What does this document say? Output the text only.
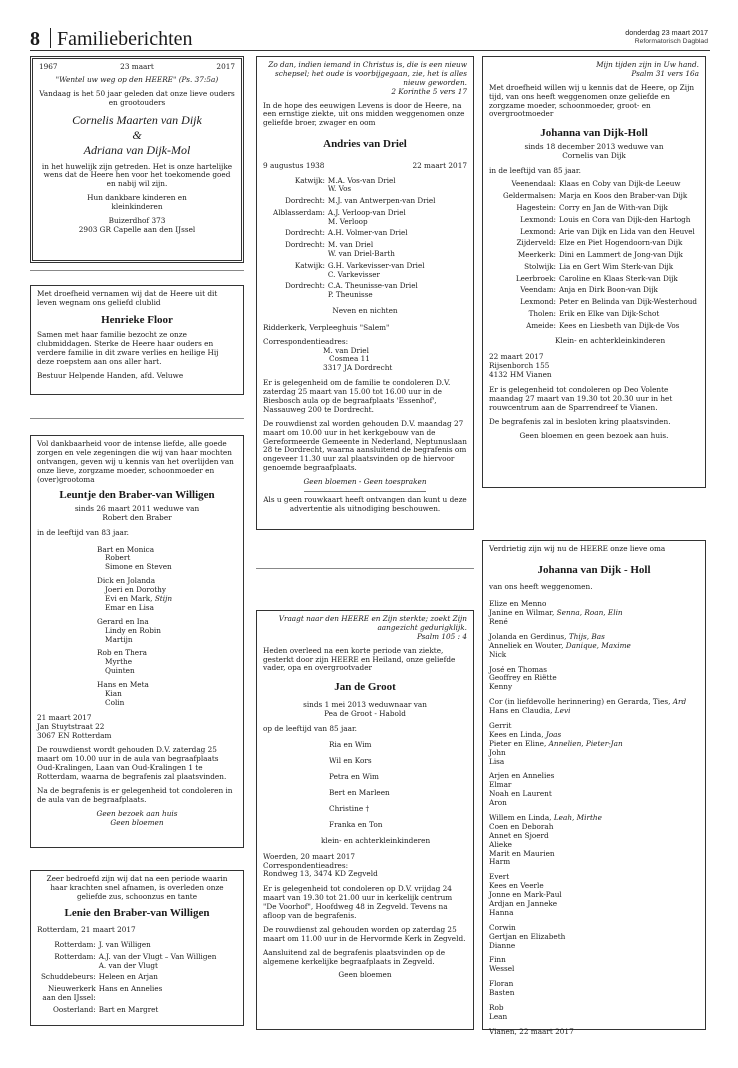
8 Familieberichten	donderdag 23 maart 2017
Reformatorisch Dagblad
1967	23 maart	2017

"Wentel uw weg op den HEERE" (Ps. 37:5a)

Vandaag is het 50 jaar geleden dat onze lieve ouders en grootouders

Cornelis Maarten van Dijk
&
Adriana van Dijk-Mol

in het huwelijk zijn getreden. Het is onze hartelijke wens dat de Heere hen voor het toekomende goed en nabij wil zijn.

Hun dankbare kinderen en kleinkinderen

Buizerdhof 373
2903 GR Capelle aan den IJssel

Met droefheid vernamen wij dat de Heere uit dit leven wegnam ons geliefd clublid

Henrieke Floor

Samen met haar familie bezocht ze onze clubmiddagen. Sterke de Heere haar ouders en verdere familie in dit zware verlies en heilige Hij deze roepstem aan ons aller hart.

Bestuur Helpende Handen, afd. Veluwe

Vol dankbaarheid voor de intense liefde, alle goede zorgen en vele zegeningen die wij van haar mochten ontvangen, geven wij u kennis van het overlijden van onze lieve, zorgzame moeder, schoonmoeder en (over)grootoma

Leuntje den Braber-van Willigen
sinds 26 maart 2011 weduwe van
Robert den Braber

in de leeftijd van 83 jaar.

Bart en Monica
Robert
Simone en Steven
Dick en Jolanda
Joeri en Dorothy
Evi en Mark, Stijn
Emar en Lisa
Gerard en Ina
Lindy en Robin
Martijn
Rob en Thera
Myrthe
Quinten
Hans en Meta
Kian
Colin
21 maart 2017
Jan Stuytstraat 22
3067 EN Rotterdam

De rouwdienst wordt gehouden D.V. zaterdag 25 maart om 10.00 uur in de aula van begraafplaats Oud-Kralingen, Laan van Oud-Kralingen 1 te Rotterdam, waarna de begrafenis zal plaatsvinden.

Na de begrafenis is er gelegenheid tot condoleren in de aula van de begraafplaats.

Geen bezoek aan huis
Geen bloemen

Zeer bedroefd zijn wij dat na een periode waarin haar krachten snel afnamen, is overleden onze geliefde zus, schoonzus en tante

Lenie den Braber-van Willigen
Rotterdam, 21 maart 2017
Rotterdam:	J. van Willigen
Rotterdam:	A.J. van der Vlugt – Van Willigen
A. van der Vlugt
Schuddebeurs:	Heleen en Arjan
Nieuwerkerk
aan den IJssel:	Hans en Annelies
Oosterland:	Bart en Margret

Zo dan, indien iemand in Christus is, die is een nieuw schepsel; het oude is voorbijgegaan, zie, het is alles nieuw geworden.

2 Korinthe 5 vers 17

In de hope des eeuwigen Levens is door de Heere, na een ernstige ziekte, uit ons midden weggenomen onze geliefde broer, zwager en oom

Andries van Driel
9 augustus 1938	22 maart 2017
Katwijk:	M.A. Vos-van Driel
W. Vos
Dordrecht:	M.J. van Antwerpen-van Driel
Alblasserdam:	A.J. Verloop-van Driel
M. Verloop
Dordrecht:	A.H. Volmer-van Driel
Dordrecht:	M. van Driel
W. van Driel-Barth
Katwijk:	G.H. Varkevisser-van Driel
C. Varkevisser
Dordrecht:	C.A. Theunisse-van Driel
P. Theunisse
Neven en nichten

Ridderkerk, Verpleeghuis "Salem"

Correspondentieadres:
M. van Driel
Cosmea 11
3317 JA Dordrecht

Er is gelegenheid om de familie te condoleren D.V. zaterdag 25 maart van 15.00 tot 16.00 uur in de Biesbosch aula op de begraafplaats 'Essenhof', Nassauweg 200 te Dordrecht.

De rouwdienst zal worden gehouden D.V. maandag 27 maart om 10.00 uur in het kerkgebouw van de Gereformeerde Gemeente in Nederland, Neptunuslaan 28 te Dordrecht, waarna aansluitend de begrafenis om ongeveer 11.30 uur zal plaatsvinden op de hiervoor genoemde begraafplaats.

Geen bloemen - Geen toespraken

Als u geen rouwkaart heeft ontvangen dan kunt u deze advertentie als uitnodiging beschouwen.

Vraagt naar den HEERE en Zijn sterkte; zoekt Zijn aangezicht gedurigklijk.

Psalm 105 : 4

Heden overleed na een korte periode van ziekte, gesterkt door zijn HEERE en Heiland, onze geliefde vader, opa en overgrootvader

Jan de Groot
sinds 1 mei 2013 weduwnaar van
Pea de Groot - Habold

op de leeftijd van 85 jaar.

Ria en Wim
Wil en Kors
Petra en Wim
Bert en Marleen
Christine †
Franka en Ton
klein- en achterkleinkinderen
Woerden, 20 maart 2017
Correspondentieadres:
Rondweg 13, 3474 KD Zegveld

Er is gelegenheid tot condoleren op D.V. vrijdag 24 maart van 19.30 tot 21.00 uur in kerkelijk centrum "De Voorhof", Hoofdweg 48 in Zegveld. Tevens na afloop van de begrafenis.

De rouwdienst zal gehouden worden op zaterdag 25 maart om 11.00 uur in de Hervormde Kerk in Zegveld.

Aansluitend zal de begrafenis plaatsvinden op de algemene kerkelijke begraafplaats in Zegveld.

Geen bloemen

Mijn tijden zijn in Uw hand.

Psalm 31 vers 16a

Met droefheid willen wij u kennis dat de Heere, op Zijn tijd, van ons heeft weggenomen onze geliefde en zorgzame moeder, schoonmoeder, groot- en overgrootmoeder

Johanna van Dijk-Holl
sinds 18 december 2013 weduwe van
Cornelis van Dijk

in de leeftijd van 85 jaar.

Veenendaal:	Klaas en Coby van Dijk-de Leeuw
Geldermalsen:	Marja en Koos den Braber-van Dijk
Hagestein:	Corry en Jan de With-van Dijk
Lexmond:	Louis en Cora van Dijk-den Hartogh
Lexmond:	Arie van Dijk en Lida van den Heuvel
Zijderveld:	Elze en Piet Hogendoorn-van Dijk
Meerkerk:	Dini en Lammert de Jong-van Dijk
Stolwijk:	Lia en Gert Wim Sterk-van Dijk
Leerbroek:	Caroline en Klaas Sterk-van Dijk
Veendam:	Anja en Dirk Boon-van Dijk
Lexmond:	Peter en Belinda van Dijk-Westerhoud
Tholen:	Erik en Elke van Dijk-Schot
Ameide:	Kees en Liesbeth van Dijk-de Vos
Klein- en achterkleinkinderen
22 maart 2017
Rijsenborch 155
4132 HM Vianen

Er is gelegenheid tot condoleren op Deo Volente maandag 27 maart van 19.30 tot 20.30 uur in het rouwcentrum aan de Sparrendreef te Vianen.

De begrafenis zal in besloten kring plaatsvinden.

Geen bloemen en geen bezoek aan huis.

Verdrietig zijn wij nu de HEERE onze lieve oma

Johanna van Dijk - Holl

van ons heeft weggenomen.

Elize en Menno
Janine en Wilmar, Senna, Roan, Elin
René
Jolanda en Gerdinus, Thijs, Bas
Anneliek en Wouter, Danique, Maxime
Nick
José en Thomas
Geoffrey en Riëtte
Kenny
Cor (in liefdevolle herinnering) en Gerarda, Ties, Ard
Hans en Claudia, Levi
Gerrit
Kees en Linda, Joas
Pieter en Eline, Annelien, Pieter-Jan
John
Lisa
Arjen en Annelies
Elmar
Noah en Laurent
Aron
Willem en Linda, Leah, Mirthe
Coen en Deborah
Annet en Sjoerd
Alieke
Marit en Maurien
Harm
Evert
Kees en Veerle
Jonne en Mark-Paul
Ardjan en Janneke
Hanna
Corwin
Gertjan en Elizabeth
Dianne
Finn
Wessel
Floran
Basten
Rob
Lean
Vianen, 22 maart 2017
